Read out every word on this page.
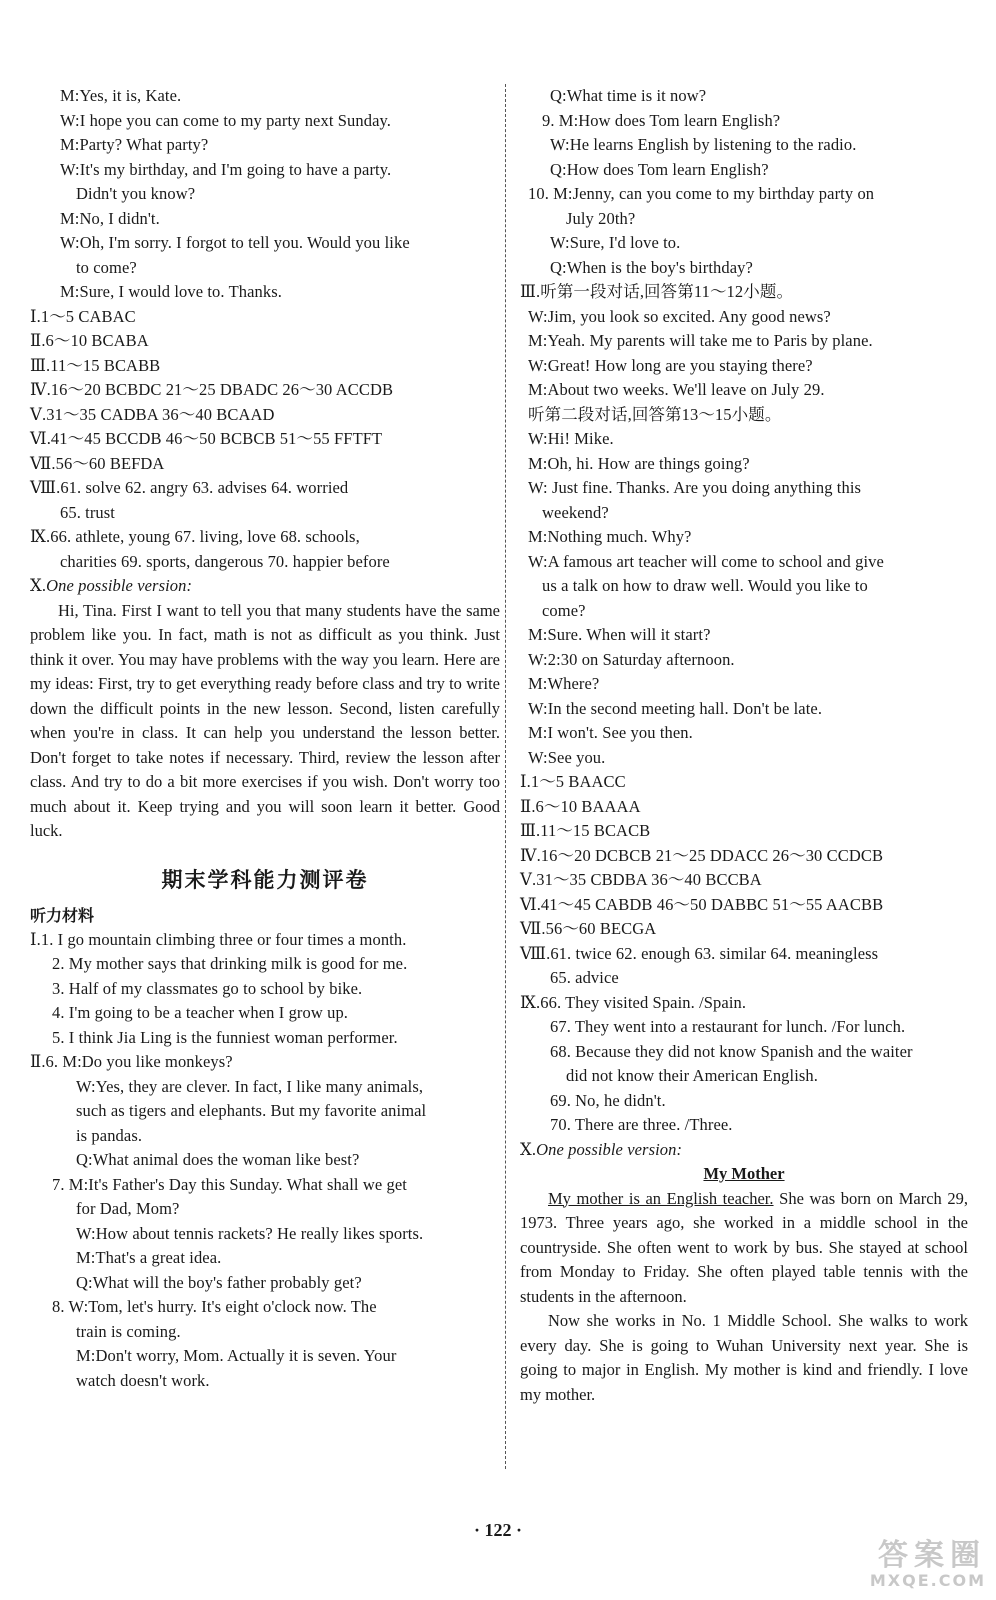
M:Yes, it is, Kate.
W:I hope you can come to my party next Sunday.
M:Party? What party?
W:It's my birthday, and I'm going to have a party.
Didn't you know?
M:No, I didn't.
W:Oh, I'm sorry. I forgot to tell you. Would you like
to come?
M:Sure, I would love to. Thanks.
Ⅰ.1～5 CABAC
Ⅱ.6～10 BCABA
Ⅲ.11～15 BCABB
Ⅳ.16～20 BCBDC 21～25 DBADC 26～30 ACCDB
Ⅴ.31～35 CADBA 36～40 BCAAD
Ⅵ.41～45 BCCDB 46～50 BCBCB 51～55 FFTFT
Ⅶ.56～60 BEFDA
Ⅷ.61. solve 62. angry 63. advises 64. worried
65. trust
Ⅸ.66. athlete, young 67. living, love 68. schools,
charities 69. sports, dangerous 70. happier before
Ⅹ.One possible version:
Hi, Tina. First I want to tell you that many students have the same problem like you. In fact, math is not as difficult as you think. Just think it over. You may have problems with the way you learn. Here are my ideas: First, try to get everything ready before class and try to write down the difficult points in the new lesson. Second, listen carefully when you're in class. It can help you understand the lesson better. Don't forget to take notes if necessary. Third, review the lesson after class. And try to do a bit more exercises if you wish. Don't worry too much about it. Keep trying and you will soon learn it better. Good luck.
期末学科能力测评卷
听力材料
Ⅰ.1. I go mountain climbing three or four times a month.
2. My mother says that drinking milk is good for me.
3. Half of my classmates go to school by bike.
4. I'm going to be a teacher when I grow up.
5. I think Jia Ling is the funniest woman performer.
Ⅱ.6. M:Do you like monkeys?
W:Yes, they are clever. In fact, I like many animals,
such as tigers and elephants. But my favorite animal
is pandas.
Q:What animal does the woman like best?
7. M:It's Father's Day this Sunday. What shall we get
for Dad, Mom?
W:How about tennis rackets? He really likes sports.
M:That's a great idea.
Q:What will the boy's father probably get?
8. W:Tom, let's hurry. It's eight o'clock now. The
train is coming.
M:Don't worry, Mom. Actually it is seven. Your
watch doesn't work.
Q:What time is it now?
9. M:How does Tom learn English?
W:He learns English by listening to the radio.
Q:How does Tom learn English?
10. M:Jenny, can you come to my birthday party on
July 20th?
W:Sure, I'd love to.
Q:When is the boy's birthday?
Ⅲ.听第一段对话,回答第11～12小题。
W:Jim, you look so excited. Any good news?
M:Yeah. My parents will take me to Paris by plane.
W:Great! How long are you staying there?
M:About two weeks. We'll leave on July 29.
听第二段对话,回答第13～15小题。
W:Hi! Mike.
M:Oh, hi. How are things going?
W: Just fine. Thanks. Are you doing anything this
weekend?
M:Nothing much. Why?
W:A famous art teacher will come to school and give
us a talk on how to draw well. Would you like to
come?
M:Sure. When will it start?
W:2:30 on Saturday afternoon.
M:Where?
W:In the second meeting hall. Don't be late.
M:I won't. See you then.
W:See you.
Ⅰ.1～5 BAACC
Ⅱ.6～10 BAAAA
Ⅲ.11～15 BCACB
Ⅳ.16～20 DCBCB 21～25 DDACC 26～30 CCDCB
Ⅴ.31～35 CBDBA 36～40 BCCBA
Ⅵ.41～45 CABDB 46～50 DABBC 51～55 AACBB
Ⅶ.56～60 BECGA
Ⅷ.61. twice 62. enough 63. similar 64. meaningless
65. advice
Ⅸ.66. They visited Spain. /Spain.
67. They went into a restaurant for lunch. /For lunch.
68. Because they did not know Spanish and the waiter
did not know their American English.
69. No, he didn't.
70. There are three. /Three.
Ⅹ.One possible version:
My Mother
My mother is an English teacher. She was born on March 29, 1973. Three years ago, she worked in a middle school in the countryside. She often went to work by bus. She stayed at school from Monday to Friday. She often played table tennis with the students in the afternoon.
Now she works in No. 1 Middle School. She walks to work every day. She is going to Wuhan University next year. She is going to major in English. My mother is kind and friendly. I love my mother.
· 122 ·
答案圈
MXQE.COM
